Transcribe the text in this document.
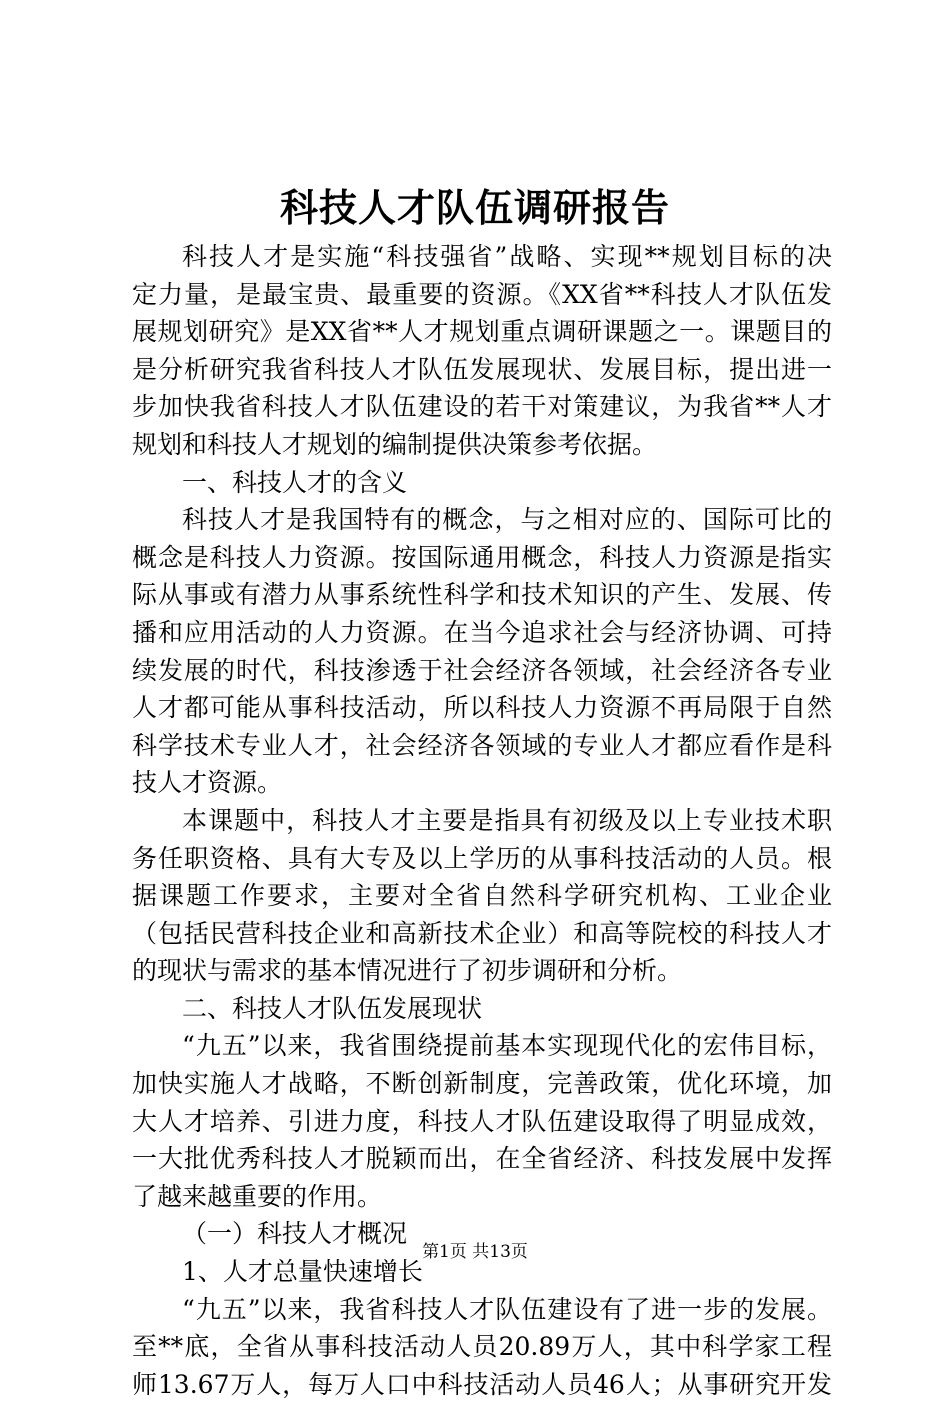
科技人才队伍调研报告
科技人才是实施“科技强省”战略、实现**规划目标的决
定力量，是最宝贵、最重要的资源。《XX省**科技人才队伍发
展规划研究》是XX省**人才规划重点调研课题之一。课题目的
是分析研究我省科技人才队伍发展现状、发展目标，提出进一
步加快我省科技人才队伍建设的若干对策建议，为我省**人才
规划和科技人才规划的编制提供决策参考依据。
一、科技人才的含义
科技人才是我国特有的概念，与之相对应的、国际可比的
概念是科技人力资源。按国际通用概念，科技人力资源是指实
际从事或有潜力从事系统性科学和技术知识的产生、发展、传
播和应用活动的人力资源。在当今追求社会与经济协调、可持
续发展的时代，科技渗透于社会经济各领域，社会经济各专业
人才都可能从事科技活动，所以科技人力资源不再局限于自然
科学技术专业人才，社会经济各领域的专业人才都应看作是科
技人才资源。
本课题中，科技人才主要是指具有初级及以上专业技术职
务任职资格、具有大专及以上学历的从事科技活动的人员。根
据课题工作要求，主要对全省自然科学研究机构、工业企业
（包括民营科技企业和高新技术企业）和高等院校的科技人才
的现状与需求的基本情况进行了初步调研和分析。
二、科技人才队伍发展现状
“九五”以来，我省围绕提前基本实现现代化的宏伟目标，
加快实施人才战略，不断创新制度，完善政策，优化环境，加
大人才培养、引进力度，科技人才队伍建设取得了明显成效，
一大批优秀科技人才脱颖而出，在全省经济、科技发展中发挥
了越来越重要的作用。
（一）科技人才概况
1、人才总量快速增长
“九五”以来，我省科技人才队伍建设有了进一步的发展。
至**底，全省从事科技活动人员20.89万人，其中科学家工程
师13.67万人，每万人口中科技活动人员46人；从事研究开发
第1页 共13页
